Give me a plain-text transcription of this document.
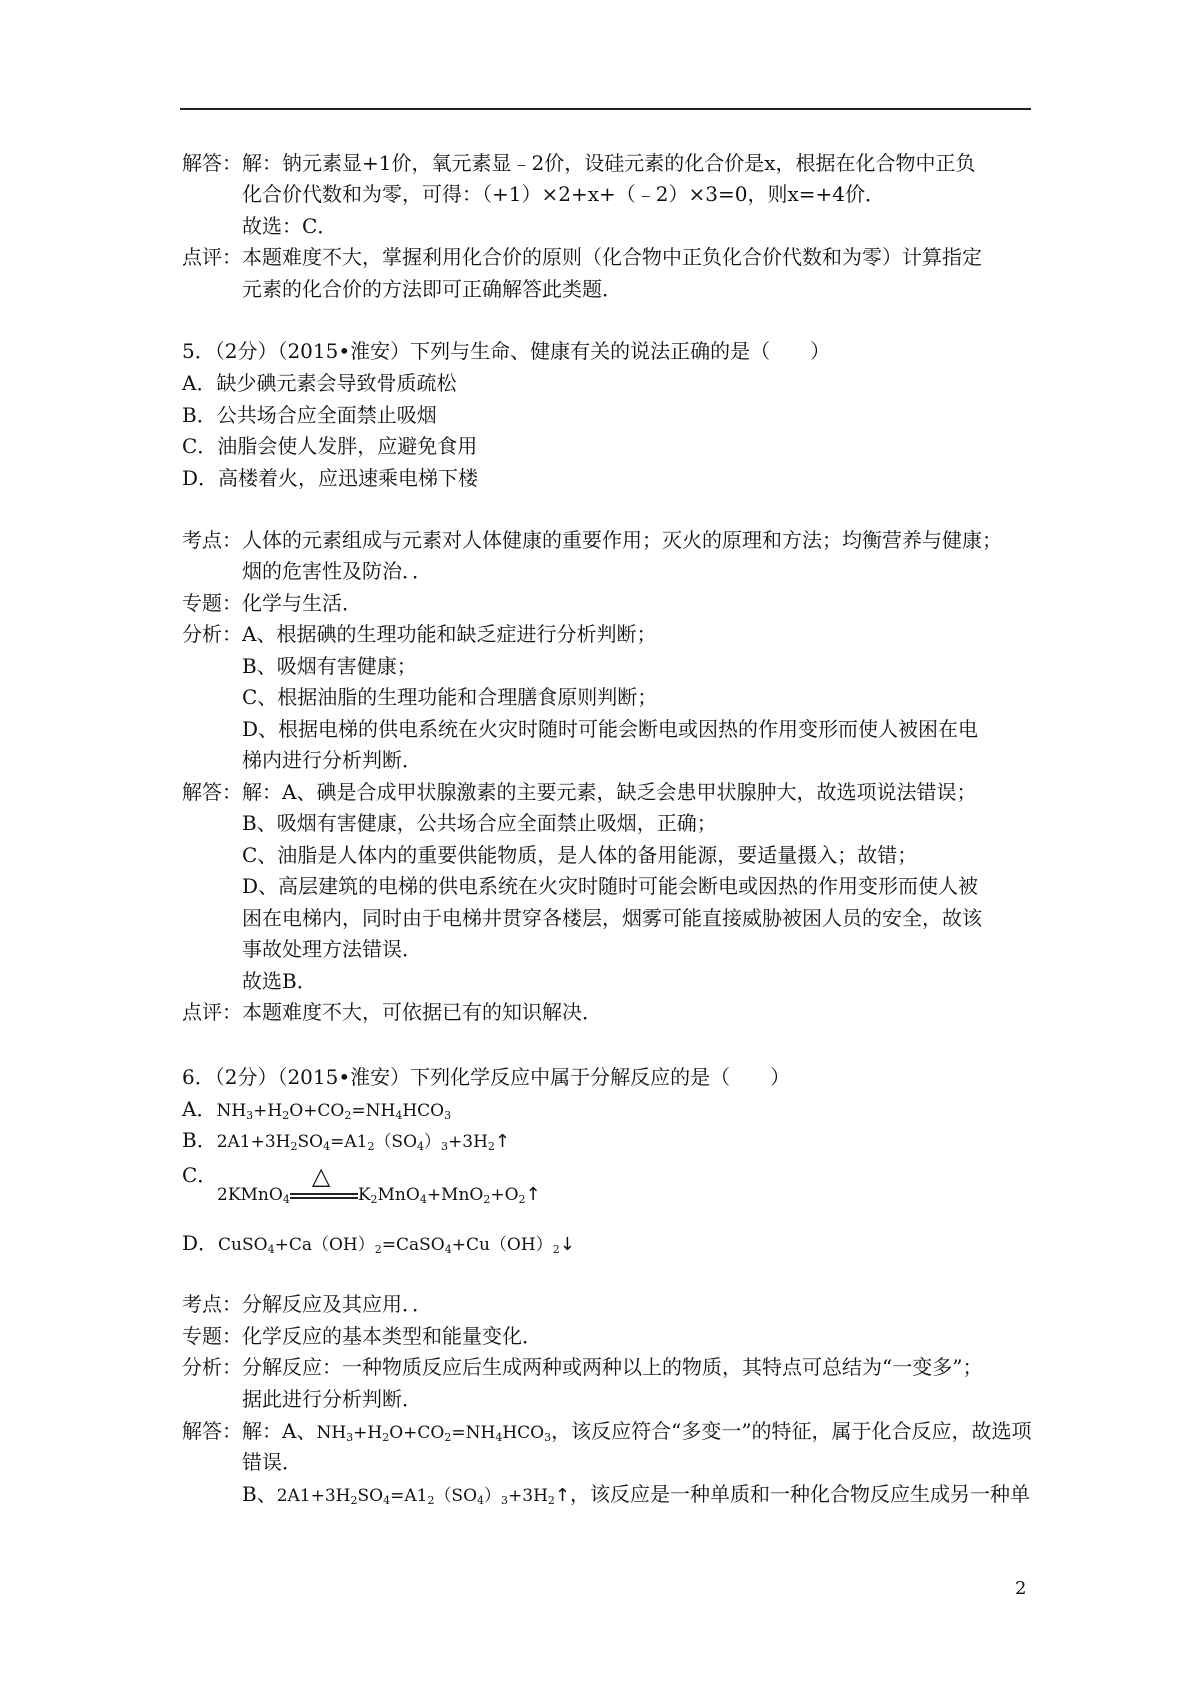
解答： 解：钠元素显+1价，氧元素显﹣2价，设硅元素的化合价是x，根据在化合物中正负
化合价代数和为零，可得：（+1）×2+x+（﹣2）×3=0，则x=+4价．
故选：C．
点评： 本题难度不大，掌握利用化合价的原则（化合物中正负化合价代数和为零）计算指定
元素的化合价的方法即可正确解答此类题．
5．（2分）（2015•淮安）下列与生命、健康有关的说法正确的是（　　）
A．缺少碘元素会导致骨质疏松
B．公共场合应全面禁止吸烟
C．油脂会使人发胖，应避免食用
D．高楼着火，应迅速乘电梯下楼
考点： 人体的元素组成与元素对人体健康的重要作用；灭火的原理和方法；均衡营养与健康；
烟的危害性及防治．．
专题： 化学与生活．
分析： A、根据碘的生理功能和缺乏症进行分析判断；
B、吸烟有害健康；
C、根据油脂的生理功能和合理膳食原则判断；
D、根据电梯的供电系统在火灾时随时可能会断电或因热的作用变形而使人被困在电
梯内进行分析判断．
解答： 解：A、碘是合成甲状腺激素的主要元素，缺乏会患甲状腺肿大，故选项说法错误；
B、吸烟有害健康，公共场合应全面禁止吸烟，正确；
C、油脂是人体内的重要供能物质，是人体的备用能源，要适量摄入；故错；
D、高层建筑的电梯的供电系统在火灾时随时可能会断电或因热的作用变形而使人被
困在电梯内，同时由于电梯井贯穿各楼层，烟雾可能直接威胁被困人员的安全，故该
事故处理方法错误．
故选B．
点评： 本题难度不大，可依据已有的知识解决．
6．（2分）（2015•淮安）下列化学反应中属于分解反应的是（　　）
A．$NH_3+H_2O+CO_2=NH_4HCO_3$
B．$2A1+3H_2SO_4=A1_2(SO_4)_3+3H_2↑$
C．
2KMnO$_4$
△
$K_2MnO_4+MnO_2+O_2↑$
D．$CuSO_4+Ca(OH)_2=CaSO_4+Cu(OH)_2↓$
考点： 分解反应及其应用．．
专题： 化学反应的基本类型和能量变化．
分析： 分解反应：一种物质反应后生成两种或两种以上的物质，其特点可总结为“一变多”；
据此进行分析判断．
解答： 解：A、$NH_3+H_2O+CO_2=NH_4HCO_3$，该反应符合“多变一”的特征，属于化合反应，故选项
错误．
B、$2A1+3H_2SO_4=A1_2(SO_4)_3+3H_2↑$，该反应是一种单质和一种化合物反应生成另一种单
2
